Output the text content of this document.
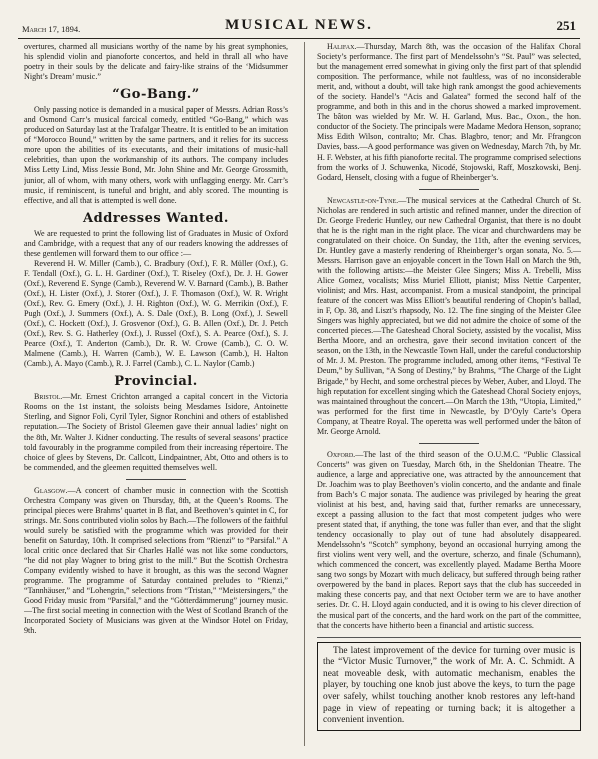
March 17, 1894.	MUSICAL NEWS.	251

overtures, charmed all musicians worthy of the name by his great symphonies, his splendid violin and pianoforte concertos, and held in thrall all who have poetry in their souls by the delicate and fairy-like strains of the ‘Midsummer Night’s Dream’ music.”

“Go-Bang.”

Only passing notice is demanded in a musical paper of Messrs. Adrian Ross’s and Osmond Carr’s musical farcical comedy, entitled “Go-Bang,” which was produced on Saturday last at the Trafalgar Theatre. It is entitled to be an imitation of “Morocco Bound,” written by the same partners, and it relies for its success more upon the abilities of its executants, and their imitations of music-hall celebrities, than upon the workmanship of its authors. The company includes Miss Letty Lind, Miss Jessie Bond, Mr. John Shine and Mr. George Grossmith, junior, all of whom, with many others, work with unflagging energy. Mr. Carr’s music, if reminiscent, is tuneful and bright, and ably scored. The mounting is effective, and all that is attempted is well done.

Addresses Wanted.

We are requested to print the following list of Graduates in Music of Oxford and Cambridge, with a request that any of our readers knowing the addresses of these gentlemen will forward them to our office :—

Reverend H. W. Miller (Camb.), C. Bradbury (Oxf.), F. R. Müller (Oxf.), G. F. Tendall (Oxf.), G. L. H. Gardiner (Oxf.), T. Riseley (Oxf.), Dr. J. H. Gower (Oxf.), Reverend E. Synge (Camb.), Reverend W. V. Barnard (Camb.), B. Bather (Oxf.), H. Lister (Oxf.), J. Storer (Oxf.), J. F. Thomason (Oxf.), W. R. Wright (Oxf.), Rev. G. Emery (Oxf.), J. H. Righton (Oxf.), W. G. Merrikin (Oxf.), F. Pugh (Oxf.), J. Summers (Oxf.), A. S. Dale (Oxf.), B. Long (Oxf.), J. Sewell (Oxf.), C. Hockett (Oxf.), J. Grosvenor (Oxf.), G. B. Allen (Oxf.), Dr. J. Petch (Oxf.), Rev. S. G. Hatherley (Oxf.), J. Russel (Oxf.), S. A. Pearce (Oxf.), S. J. Pearce (Oxf.), T. Anderton (Camb.), Dr. R. W. Crowe (Camb.), C. O. W. Malmene (Camb.), H. Warren (Camb.), W. E. Lawson (Camb.), H. Halton (Camb.), A. Mayo (Camb.), R. J. Farrel (Camb.), C. L. Naylor (Camb.)

Provincial.

Bristol.—Mr. Ernest Crichton arranged a capital concert in the Victoria Rooms on the 1st instant, the soloists being Mesdames Isidore, Antoinette Sterling, and Signor Foli, Cyril Tyler, Signor Ronchini and others of established reputation.—The Society of Bristol Gleemen gave their annual ladies’ night on the 8th, Mr. Walter J. Kidner conducting. The results of several seasons’ practice told favourably in the programme compiled from their increasing répertoire. The choice of glees by Stevens, Dr. Callcott, Lindpaintner, Abt, Otto and others is to be commended, and the gleemen requitted themselves well.

Glasgow.—A concert of chamber music in connection with the Scottish Orchestra Company was given on Thursday, 8th, at the Queen’s Rooms. The principal pieces were Brahms’ quartet in B flat, and Beethoven’s quintet in C, for strings. Mr. Sons contributed violin solos by Bach.—The followers of the faithful would surely be satisfied with the programme which was provided for their benefit on Saturday, 10th. It comprised selections from “Rienzi” to “Parsifal.” A local critic once declared that Sir Charles Hallé was not like some conductors, “he did not play Wagner to bring grist to the mill.” But the Scottish Orchestra Company evidently wished to have it brought, as this was the second Wagner programme. The programme of Saturday contained preludes to “Rienzi,” “Tannhäuser,” and “Lohengrin,” selections from “Tristan,” “Meistersingers,” the Good Friday music from “Parsifal,” and the “Götterdämmerung” journey music.—The first social meeting in connection with the West of Scotland Branch of the Incorporated Society of Musicians was given at the Windsor Hotel on Friday, 9th.

Halifax.—Thursday, March 8th, was the occasion of the Halifax Choral Society’s performance. The first part of Mendelssohn’s “St. Paul” was selected, but the management erred somewhat in giving only the first part of that splendid composition. The performance, while not faultless, was of no inconsiderable merit, and, without a doubt, will take high rank amongst the good achievements of the society. Handel’s “Acis and Galatea” formed the second half of the programme, and both in this and in the chorus showed a marked improvement. The bâton was wielded by Mr. W. H. Garland, Mus. Bac., Oxon., the hon. conductor of the Society. The principals were Madame Medora Henson, soprano; Miss Edith Wilson, contralto; Mr. Chas. Blagbro, tenor; and Mr. Ffrangcon Davies, bass.—A good performance was given on Wednesday, March 7th, by Mr. H. F. Webster, at his fifth pianoforte recital. The programme comprised selections from the works of J. Schuwenka, Nicodé, Stojowski, Raff, Moszkowski, Benj. Godard, Henselt, closing with a fugue of Rheinberger’s.

Newcastle-on-Tyne.—The musical services at the Cathedral Church of St. Nicholas are rendered in such artistic and refined manner, under the direction of Dr. George Frederic Huntley, our new Cathedral Organist, that there is no doubt that he is the right man in the right place. The vicar and churchwardens may be congratulated on their choice. On Sunday, the 11th, after the evening services, Dr. Huntley gave a masterly rendering of Rheinberger’s organ sonata, No. 5.—Messrs. Harrison gave an enjoyable concert in the Town Hall on March the 9th, with the following artists:—the Meister Glee Singers; Miss A. Trebelli, Miss Alice Gomez, vocalists; Miss Muriel Elliott, pianist; Miss Nettie Carpenter, violinist; and Mrs. Hast, accompanist. From a musical standpoint, the principal feature of the concert was Miss Elliott’s beautiful rendering of Chopin’s ballad, in F, Op. 38, and Liszt’s rhapsody, No. 12. The fine singing of the Meister Glee Singers was highly appreciated, but we did not admire the choice of some of the concerted pieces.—The Gateshead Choral Society, assisted by the vocalist, Miss Bertha Moore, and an orchestra, gave their second invitation concert of the season, on the 13th, in the Newcastle Town Hall, under the careful conductorship of Mr. J. M. Preston. The programme included, among other items, “Festival Te Deum,” by Sullivan, “A Song of Destiny,” by Brahms, “The Charge of the Light Brigade,” by Hecht, and some orchestral pieces by Weber, Auber, and Lloyd. The high reputation for excellent singing which the Gateshead Choral Society enjoys, was maintained throughout the concert.—On March the 13th, “Utopia, Limited,” was performed for the first time in Newcastle, by D’Oyly Carte’s Opera Company, at Theatre Royal. The operetta was well performed under the bâton of Mr. George Arnold.

Oxford.—The last of the third season of the O.U.M.C. “Public Classical Concerts” was given on Tuesday, March 6th, in the Sheldonian Theatre. The audience, a large and appreciative one, was attracted by the announcement that Dr. Joachim was to play Beethoven’s violin concerto, and the andante and finale from Bach’s C major sonata. The audience was privileged by hearing the great violinist at his best, and, having said that, further remarks are unnecessary, except a passing allusion to the fact that most competent judges who were present stated that, if anything, the tone was fuller than ever, and that the slight tendency occasionally to play out of tune had absolutely disappeared. Mendelssohn’s “Scotch” symphony, beyond an occasional hurrying among the first violins went very well, and the overture, scherzo, and finale (Schumann), which commenced the concert, was excellently played. Madame Bertha Moore sang two songs by Mozart with much delicacy, but suffered through being rather overpowered by the band in places. Report says that the club has succeeded in making these concerts pay, and that next October term we are to have another series. Dr. C. H. Lloyd again conducted, and it is owing to his clever direction of the musical part of the concerts, and the hard work on the part of the committee, that the concerts have hitherto been a financial and artistic success.

The latest improvement of the device for turning over music is the “Victor Music Turnover,” the work of Mr. A. C. Schmidt. A neat moveable desk, with automatic mechanism, enables the player, by touching one knob just above the keys, to turn the page over safely, whilst touching another knob restores any left-hand page in view of repeating or turning back; it is altogether a convenient invention.
